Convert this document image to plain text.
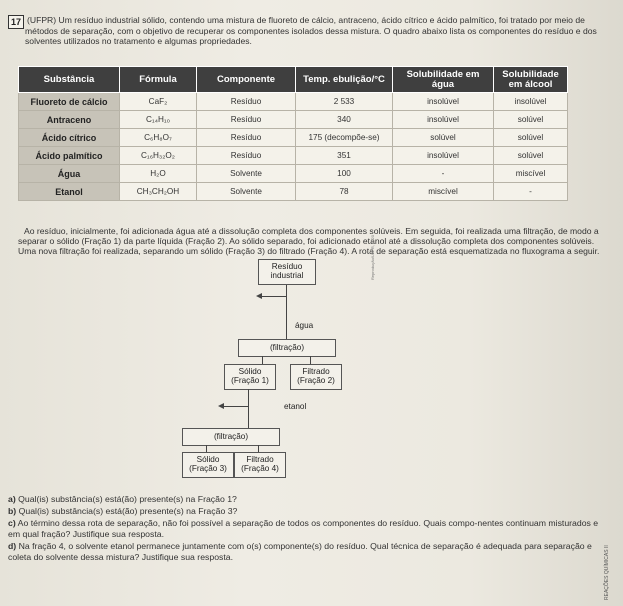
17 (UFPR) Um resíduo industrial sólido, contendo uma mistura de fluoreto de cálcio, antraceno, ácido cítrico e ácido palmítico, foi tratado por meio de métodos de separação, com o objetivo de recuperar os componentes isolados dessa mistura. O quadro abaixo lista os componentes do resíduo e dos solventes utilizados no tratamento e algumas propriedades.

Substância	Fórmula	Componente	Temp. ebulição/°C	Solubilidade em água	Solubilidade em álcool
Fluoreto de cálcio	CaF₂	Resíduo	2 533	insolúvel	insolúvel
Antraceno	C₁₄H₁₀	Resíduo	340	insolúvel	solúvel
Ácido cítrico	C₆H₈O₇	Resíduo	175 (decompõe-se)	solúvel	solúvel
Ácido palmítico	C₁₆H₃₂O₂	Resíduo	351	insolúvel	solúvel
Água	H₂O	Solvente	100	-	miscível
Etanol	CH₃CH₂OH	Solvente	78	miscível	-

Ao resíduo, inicialmente, foi adicionada água até a dissolução completa dos componentes solúveis. Em seguida, foi realizada uma filtração, de modo a separar o sólido (Fração 1) da parte líquida (Fração 2). Ao sólido separado, foi adicionado etanol até a dissolução completa dos componentes solúveis. Uma nova filtração foi realizada, separando um sólido (Fração 3) do filtrado (Fração 4). A rota de separação está esquematizada no fluxograma a seguir.

Resíduo industrial
água
(filtração)
Sólido
(Fração 1)
Filtrado
(Fração 2)
etanol
(filtração)
Sólido
(Fração 3)
Filtrado
(Fração 4)
Reprodução/UFPR, 2020

a) Qual(is) substância(s) está(ão) presente(s) na Fração 1?

b) Qual(is) substância(s) está(ão) presente(s) na Fração 3?

c) Ao término dessa rota de separação, não foi possível a separação de todos os componentes do resíduo. Quais compo-nentes continuam misturados e em qual fração? Justifique sua resposta.

d) Na fração 4, o solvente etanol permanece juntamente com o(s) componente(s) do resíduo. Qual técnica de separação é adequada para separação e coleta do solvente dessa mistura? Justifique sua resposta.	REAÇÕES QUÍMICAS II
